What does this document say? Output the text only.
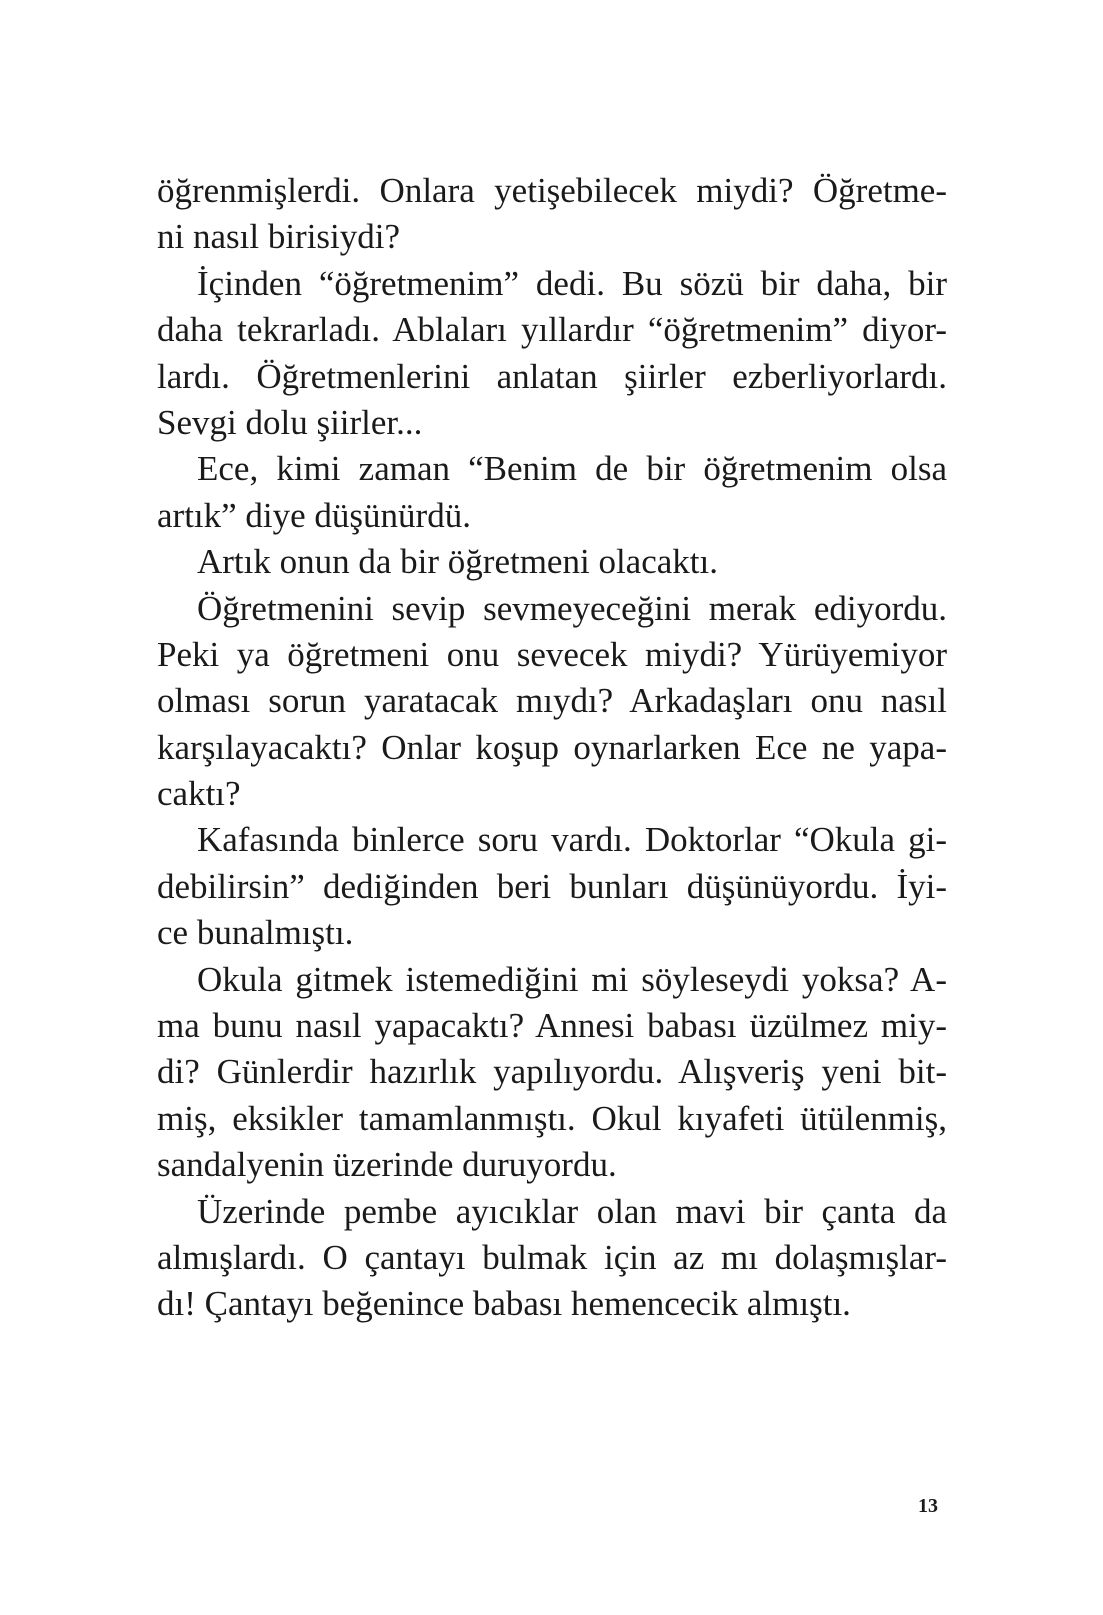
öğrenmişlerdi. Onlara yetişebilecek miydi? Öğretme-
ni nasıl birisiydi?
İçinden “öğretmenim” dedi. Bu sözü bir daha, bir
daha tekrarladı. Ablaları yıllardır “öğretmenim” diyor-
lardı. Öğretmenlerini anlatan şiirler ezberliyorlardı.
Sevgi dolu şiirler...
Ece, kimi zaman “Benim de bir öğretmenim olsa
artık” diye düşünürdü.
Artık onun da bir öğretmeni olacaktı.
Öğretmenini sevip sevmeyeceğini merak ediyordu.
Peki ya öğretmeni onu sevecek miydi? Yürüyemiyor
olması sorun yaratacak mıydı? Arkadaşları onu nasıl
karşılayacaktı? Onlar koşup oynarlarken Ece ne yapa-
caktı?
Kafasında binlerce soru vardı. Doktorlar “Okula gi-
debilirsin” dediğinden beri bunları düşünüyordu. İyi-
ce bunalmıştı.
Okula gitmek istemediğini mi söyleseydi yoksa? A-
ma bunu nasıl yapacaktı? Annesi babası üzülmez miy-
di? Günlerdir hazırlık yapılıyordu. Alışveriş yeni bit-
miş, eksikler tamamlanmıştı. Okul kıyafeti ütülenmiş,
sandalyenin üzerinde duruyordu.
Üzerinde pembe ayıcıklar olan mavi bir çanta da
almışlardı. O çantayı bulmak için az mı dolaşmışlar-
dı! Çantayı beğenince babası hemencecik almıştı.
13
